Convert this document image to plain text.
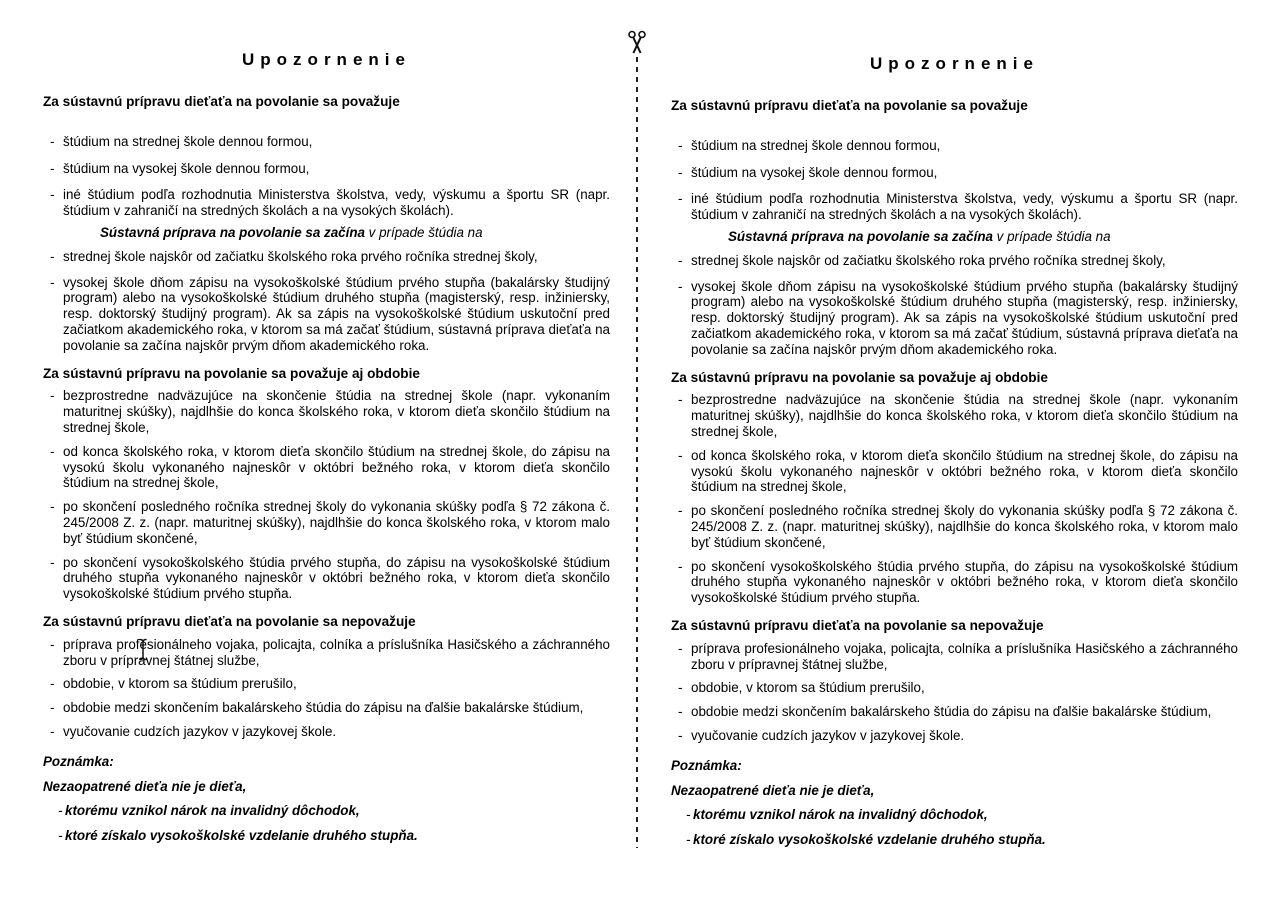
Upozornenie
Za sústavnú prípravu dieťaťa na povolanie sa považuje
- štúdium na strednej škole dennou formou,
- štúdium na vysokej škole dennou formou,
- iné štúdium podľa rozhodnutia Ministerstva školstva, vedy, výskumu a športu SR (napr. štúdium v zahraničí na stredných školách a na vysokých školách).
Sústavná príprava na povolanie sa začína v prípade štúdia na
- strednej škole najskôr od začiatku školského roka prvého ročníka strednej školy,
- vysokej škole dňom zápisu na vysokoškolské štúdium prvého stupňa (bakalársky študijný program) alebo na vysokoškolské štúdium druhého stupňa (magisterský, resp. inžiniersky, resp. doktorský študijný program). Ak sa zápis na vysokoškolské štúdium uskutoční pred začiatkom akademického roka, v ktorom sa má začať štúdium, sústavná príprava dieťaťa na povolanie sa začína najskôr prvým dňom akademického roka.
Za sústavnú prípravu na povolanie sa považuje aj obdobie
- bezprostredne nadväzujúce na skončenie štúdia na strednej škole (napr. vykonaním maturitnej skúšky), najdlhšie do konca školského roka, v ktorom dieťa skončilo štúdium na strednej škole,
- od konca školského roka, v ktorom dieťa skončilo štúdium na strednej škole, do zápisu na vysokú školu vykonaného najneskôr v októbri bežného roka, v ktorom dieťa skončilo štúdium na strednej škole,
- po skončení posledného ročníka strednej školy do vykonania skúšky podľa § 72 zákona č. 245/2008 Z. z. (napr. maturitnej skúšky), najdlhšie do konca školského roka, v ktorom malo byť štúdium skončené,
- po skončení vysokoškolského štúdia prvého stupňa, do zápisu na vysokoškolské štúdium druhého stupňa vykonaného najneskôr v októbri bežného roka, v ktorom dieťa skončilo vysokoškolské štúdium prvého stupňa.
Za sústavnú prípravu dieťaťa na povolanie sa nepovažuje
- príprava profesionálneho vojaka, policajta, colníka a príslušníka Hasičského a záchranného zboru v prípravnej štátnej službe,
- obdobie, v ktorom sa štúdium prerušilo,
- obdobie medzi skončením bakalárskeho štúdia do zápisu na ďalšie bakalárske štúdium,
- vyučovanie cudzích jazykov v jazykovej škole.
Poznámka:
Nezaopatrené dieťa nie je dieťa,
- ktorému vznikol nárok na invalidný dôchodok,
- ktoré získalo vysokoškolské vzdelanie druhého stupňa.
Upozornenie
Za sústavnú prípravu dieťaťa na povolanie sa považuje
- štúdium na strednej škole dennou formou,
- štúdium na vysokej škole dennou formou,
- iné štúdium podľa rozhodnutia Ministerstva školstva, vedy, výskumu a športu SR (napr. štúdium v zahraničí na stredných školách a na vysokých školách).
Sústavná príprava na povolanie sa začína v prípade štúdia na
- strednej škole najskôr od začiatku školského roka prvého ročníka strednej školy,
- vysokej škole dňom zápisu na vysokoškolské štúdium prvého stupňa (bakalársky študijný program) alebo na vysokoškolské štúdium druhého stupňa (magisterský, resp. inžiniersky, resp. doktorský študijný program). Ak sa zápis na vysokoškolské štúdium uskutoční pred začiatkom akademického roka, v ktorom sa má začať štúdium, sústavná príprava dieťaťa na povolanie sa začína najskôr prvým dňom akademického roka.
Za sústavnú prípravu na povolanie sa považuje aj obdobie
- bezprostredne nadväzujúce na skončenie štúdia na strednej škole (napr. vykonaním maturitnej skúšky), najdlhšie do konca školského roka, v ktorom dieťa skončilo štúdium na strednej škole,
- od konca školského roka, v ktorom dieťa skončilo štúdium na strednej škole, do zápisu na vysokú školu vykonaného najneskôr v októbri bežného roka, v ktorom dieťa skončilo štúdium na strednej škole,
- po skončení posledného ročníka strednej školy do vykonania skúšky podľa § 72 zákona č. 245/2008 Z. z. (napr. maturitnej skúšky), najdlhšie do konca školského roka, v ktorom malo byť štúdium skončené,
- po skončení vysokoškolského štúdia prvého stupňa, do zápisu na vysokoškolské štúdium druhého stupňa vykonaného najneskôr v októbri bežného roka, v ktorom dieťa skončilo vysokoškolské štúdium prvého stupňa.
Za sústavnú prípravu dieťaťa na povolanie sa nepovažuje
- príprava profesionálneho vojaka, policajta, colníka a príslušníka Hasičského a záchranného zboru v prípravnej štátnej službe,
- obdobie, v ktorom sa štúdium prerušilo,
- obdobie medzi skončením bakalárskeho štúdia do zápisu na ďalšie bakalárske štúdium,
- vyučovanie cudzích jazykov v jazykovej škole.
Poznámka:
Nezaopatrené dieťa nie je dieťa,
- ktorému vznikol nárok na invalidný dôchodok,
- ktoré získalo vysokoškolské vzdelanie druhého stupňa.
